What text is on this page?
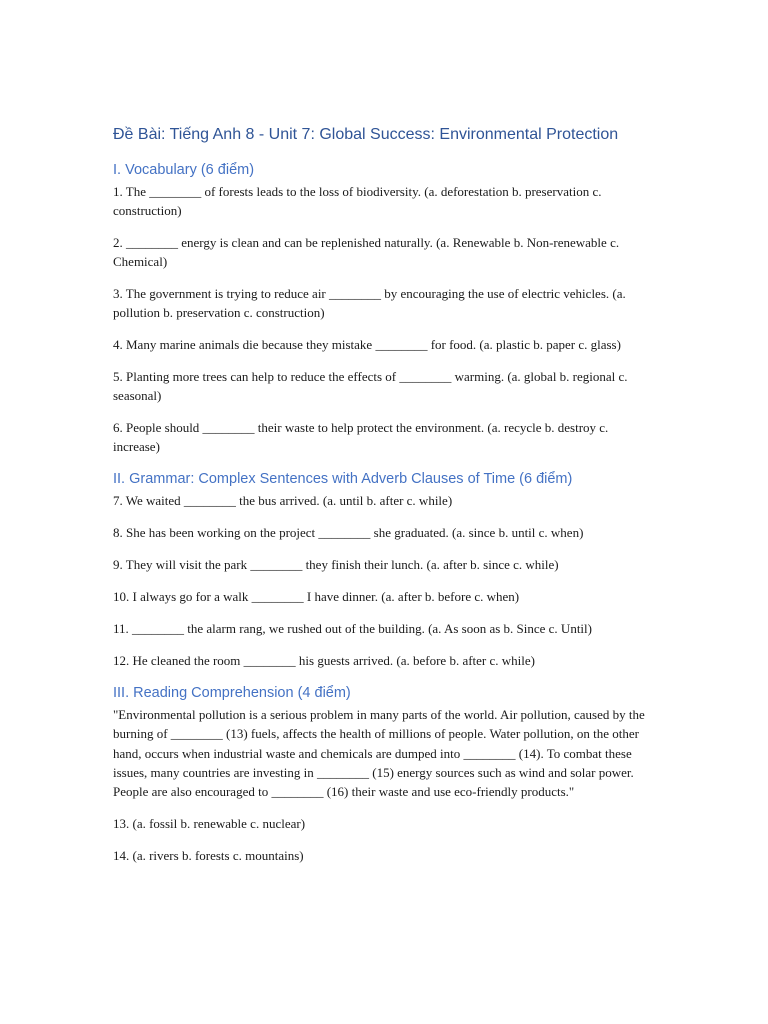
Đề Bài: Tiếng Anh 8 - Unit 7: Global Success: Environmental Protection
I. Vocabulary (6 điểm)

1. The ________ of forests leads to the loss of biodiversity. (a. deforestation b. preservation c. construction)

2. ________ energy is clean and can be replenished naturally. (a. Renewable b. Non-renewable c. Chemical)

3. The government is trying to reduce air ________ by encouraging the use of electric vehicles. (a. pollution b. preservation c. construction)

4. Many marine animals die because they mistake ________ for food. (a. plastic b. paper c. glass)

5. Planting more trees can help to reduce the effects of ________ warming. (a. global b. regional c. seasonal)

6. People should ________ their waste to help protect the environment. (a. recycle b. destroy c. increase)

II. Grammar: Complex Sentences with Adverb Clauses of Time (6 điểm)

7. We waited ________ the bus arrived. (a. until b. after c. while)

8. She has been working on the project ________ she graduated. (a. since b. until c. when)

9. They will visit the park ________ they finish their lunch. (a. after b. since c. while)

10. I always go for a walk ________ I have dinner. (a. after b. before c. when)

11. ________ the alarm rang, we rushed out of the building. (a. As soon as b. Since c. Until)

12. He cleaned the room ________ his guests arrived. (a. before b. after c. while)

III. Reading Comprehension (4 điểm)

"Environmental pollution is a serious problem in many parts of the world. Air pollution, caused by the burning of ________ (13) fuels, affects the health of millions of people. Water pollution, on the other hand, occurs when industrial waste and chemicals are dumped into ________ (14). To combat these issues, many countries are investing in ________ (15) energy sources such as wind and solar power. People are also encouraged to ________ (16) their waste and use eco-friendly products."

13. (a. fossil b. renewable c. nuclear)

14. (a. rivers b. forests c. mountains)
